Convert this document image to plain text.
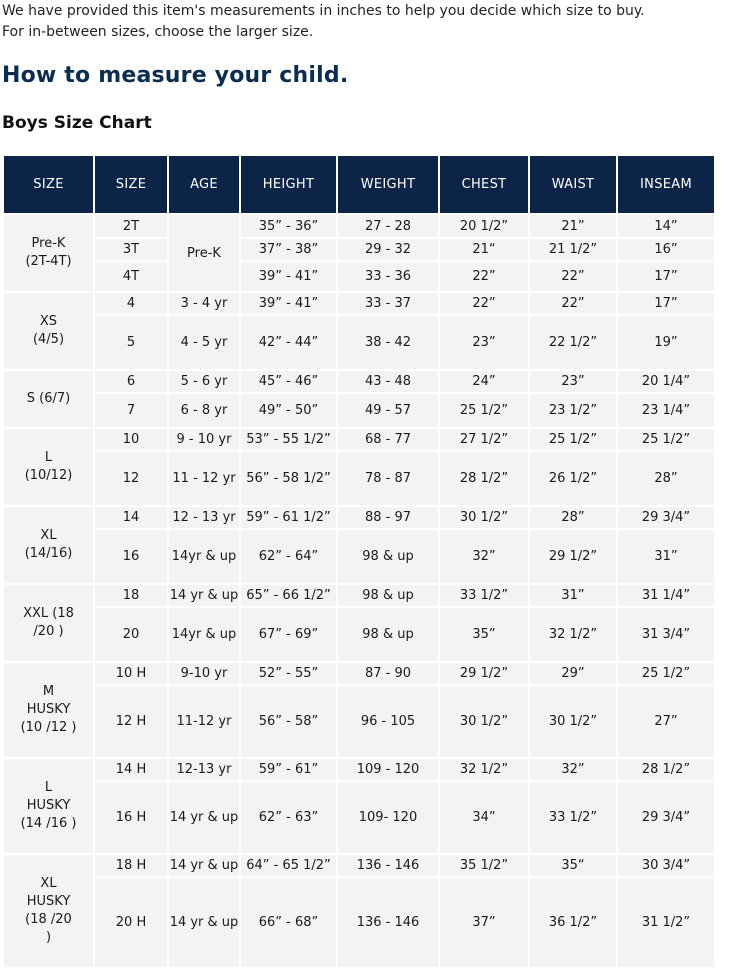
We have provided this item's measurements in inches to help you decide which size to buy.

For in-between sizes, choose the larger size.

How to measure your child.
Boys Size Chart
SIZE	SIZE	AGE	HEIGHT	WEIGHT	CHEST	WAIST	INSEAM
Pre-K
(2T-4T)	2T	Pre-K	35” - 36”	27 - 28	20 1/2”	21”	14”
	3T		37” - 38”	29 - 32	21“	21 1/2”	16”
	4T		39” - 41”	33 - 36	22”	22”	17”
XS
(4/5)	4	3 - 4 yr	39” - 41”	33 - 37	22”	22”	17”
	5	4 - 5 yr	42” - 44”	38 - 42	23”	22 1/2”	19”
S (6/7)	6	5 - 6 yr	45” - 46”	43 - 48	24”	23”	20 1/4”
	7	6 - 8 yr	49” - 50”	49 - 57	25 1/2”	23 1/2”	23 1/4”
L
(10/12)	10	9 - 10 yr	53” - 55 1/2”	68 - 77	27 1/2”	25 1/2”	25 1/2”
	12	11 - 12 yr	56” - 58 1/2”	78 - 87	28 1/2”	26 1/2”	28”
XL
(14/16)	14	12 - 13 yr	59” - 61 1/2”	88 - 97	30 1/2”	28”	29 3/4”
	16	14yr & up	62” - 64”	98 & up	32”	29 1/2”	31”
XXL (18
/20 )	18	14 yr & up	65” - 66 1/2”	98 & up	33 1/2”	31”	31 1/4”
	20	14yr & up	67” - 69”	98 & up	35”	32 1/2”	31 3/4”
M
HUSKY
(10 /12 )	10 H	9-10 yr	52” - 55”	87 - 90	29 1/2”	29”	25 1/2”
	12 H	11-12 yr	56” - 58”	96 - 105	30 1/2”	30 1/2”	27”
L
HUSKY
(14 /16 )	14 H	12-13 yr	59” - 61”	109 - 120	32 1/2”	32”	28 1/2”
	16 H	14 yr & up	62” - 63”	109- 120	34”	33 1/2”	29 3/4”
XL
HUSKY
(18 /20
)	18 H	14 yr & up	64” - 65 1/2”	136 - 146	35 1/2”	35“	30 3/4”
	20 H	14 yr & up	66” - 68”	136 - 146	37”	36 1/2”	31 1/2”
